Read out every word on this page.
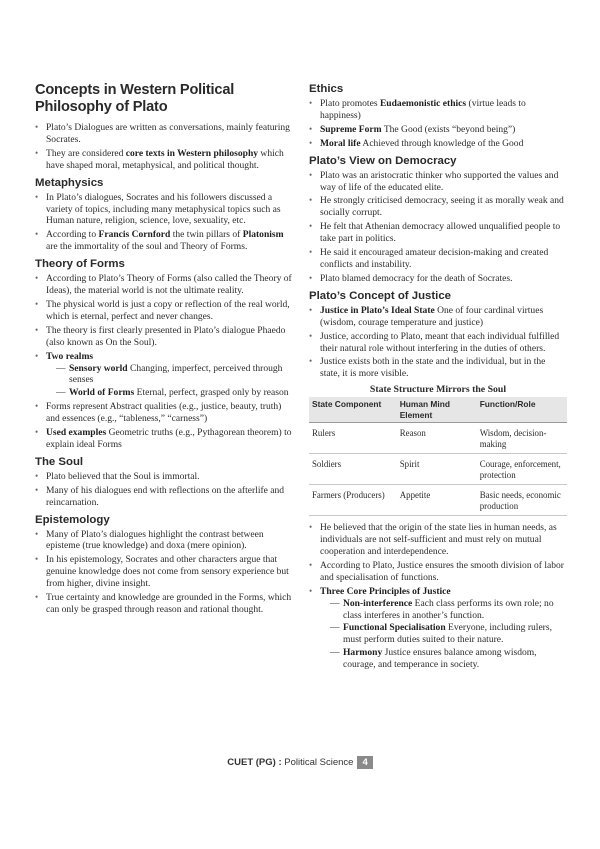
Concepts in Western Political Philosophy of Plato
• Plato’s Dialogues are written as conversations, mainly featuring Socrates.
• They are considered core texts in Western philosophy which have shaped moral, metaphysical, and political thought.
Metaphysics
• In Plato’s dialogues, Socrates and his followers discussed a variety of topics, including many metaphysical topics such as Human nature, religion, science, love, sexuality, etc.
• According to Francis Cornford the twin pillars of Platonism are the immortality of the soul and Theory of Forms.
Theory of Forms
• According to Plato’s Theory of Forms (also called the Theory of Ideas), the material world is not the ultimate reality.
• The physical world is just a copy or reflection of the real world, which is eternal, perfect and never changes.
• The theory is first clearly presented in Plato’s dialogue Phaedo (also known as On the Soul).
• Two realms
— Sensory world Changing, imperfect, perceived through senses
— World of Forms Eternal, perfect, grasped only by reason
• Forms represent Abstract qualities (e.g., justice, beauty, truth) and essences (e.g., “tableness,” “carness”)
• Used examples Geometric truths (e.g., Pythagorean theorem) to explain ideal Forms
The Soul
• Plato believed that the Soul is immortal.
• Many of his dialogues end with reflections on the afterlife and reincarnation.
Epistemology
• Many of Plato’s dialogues highlight the contrast between episteme (true knowledge) and doxa (mere opinion).
• In his epistemology, Socrates and other characters argue that genuine knowledge does not come from sensory experience but from higher, divine insight.
• True certainty and knowledge are grounded in the Forms, which can only be grasped through reason and rational thought.
Ethics
• Plato promotes Eudaemonistic ethics (virtue leads to happiness)
• Supreme Form The Good (exists “beyond being”)
• Moral life Achieved through knowledge of the Good
Plato’s View on Democracy
• Plato was an aristocratic thinker who supported the values and way of life of the educated elite.
• He strongly criticised democracy, seeing it as morally weak and socially corrupt.
• He felt that Athenian democracy allowed unqualified people to take part in politics.
• He said it encouraged amateur decision-making and created conflicts and instability.
• Plato blamed democracy for the death of Socrates.
Plato’s Concept of Justice
• Justice in Plato’s Ideal State One of four cardinal virtues (wisdom, courage temperature and justice)
• Justice, according to Plato, meant that each individual fulfilled their natural role without interfering in the duties of others.
• Justice exists both in the state and the individual, but in the state, it is more visible.
State Structure Mirrors the Soul
State Component	Human Mind Element	Function/Role
Rulers	Reason	Wisdom, decision-making
Soldiers	Spirit	Courage, enforcement, protection
Farmers (Producers)	Appetite	Basic needs, economic production
• He believed that the origin of the state lies in human needs, as individuals are not self-sufficient and must rely on mutual cooperation and interdependence.
• According to Plato, Justice ensures the smooth division of labor and specialisation of functions.
• Three Core Principles of Justice
— Non-interference Each class performs its own role; no class interferes in another’s function.
— Functional Specialisation Everyone, including rulers, must perform duties suited to their nature.
— Harmony Justice ensures balance among wisdom, courage, and temperance in society.
CUET (PG) : Political Science 4
